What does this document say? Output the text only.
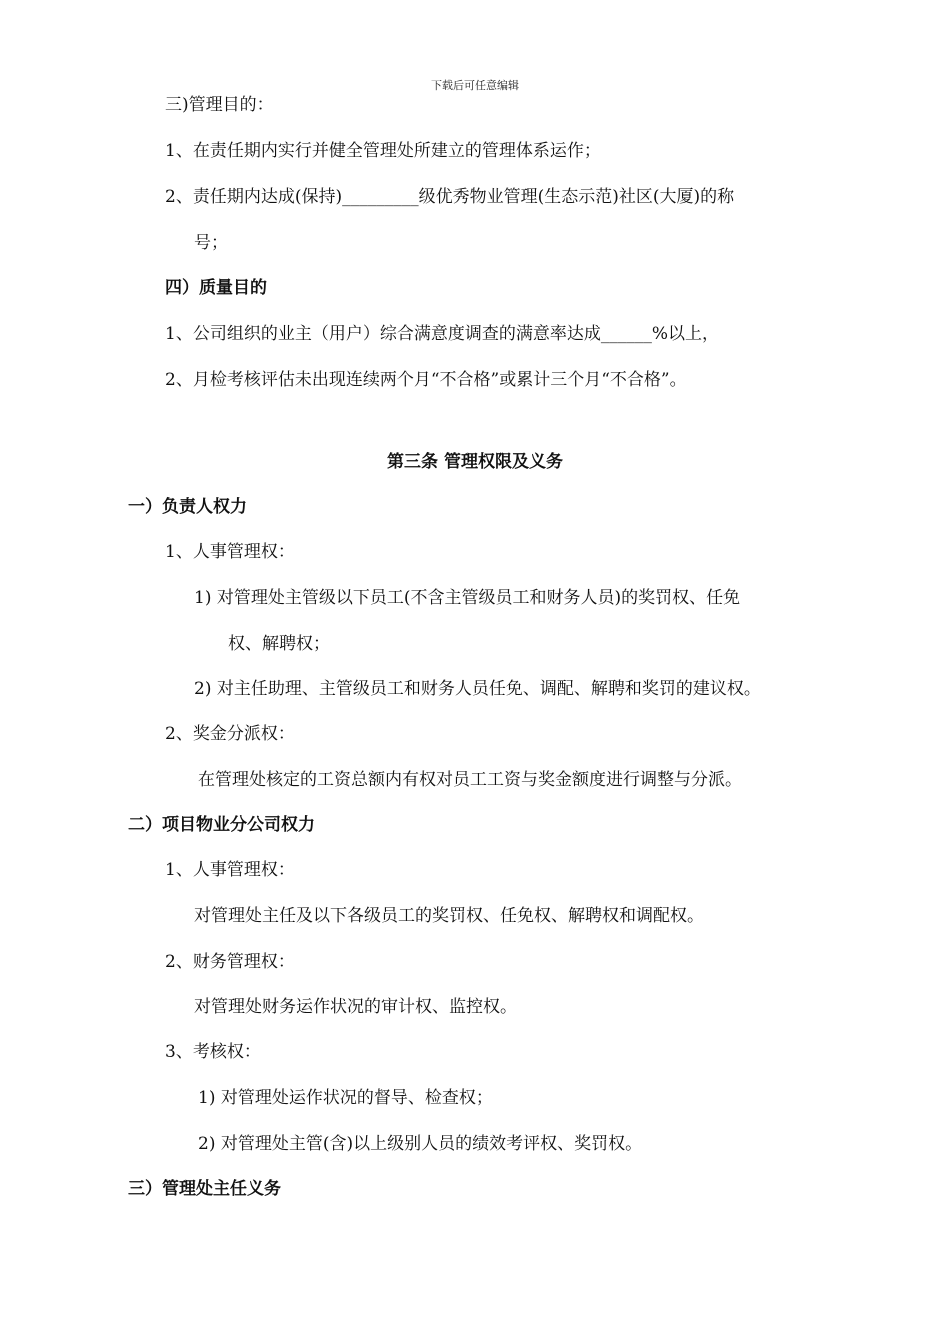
下载后可任意编辑
三)管理目的：
1、在责任期内实行并健全管理处所建立的管理体系运作；
2、责任期内达成(保持)_________级优秀物业管理(生态示范)社区(大厦)的称
号；
四）质量目的
1、公司组织的业主（用户）综合满意度调查的满意率达成______%以上，
2、月检考核评估未出现连续两个月“不合格”或累计三个月“不合格”。
第三条 管理权限及义务
一）负责人权力
1、人事管理权：
1) 对管理处主管级以下员工(不含主管级员工和财务人员)的奖罚权、任免
权、解聘权；
2) 对主任助理、主管级员工和财务人员任免、调配、解聘和奖罚的建议权。
2、奖金分派权：
在管理处核定的工资总额内有权对员工工资与奖金额度进行调整与分派。
二）项目物业分公司权力
1、人事管理权：
对管理处主任及以下各级员工的奖罚权、任免权、解聘权和调配权。
2、财务管理权：
对管理处财务运作状况的审计权、监控权。
3、考核权：
1) 对管理处运作状况的督导、检查权；
2) 对管理处主管(含)以上级别人员的绩效考评权、奖罚权。
三）管理处主任义务
